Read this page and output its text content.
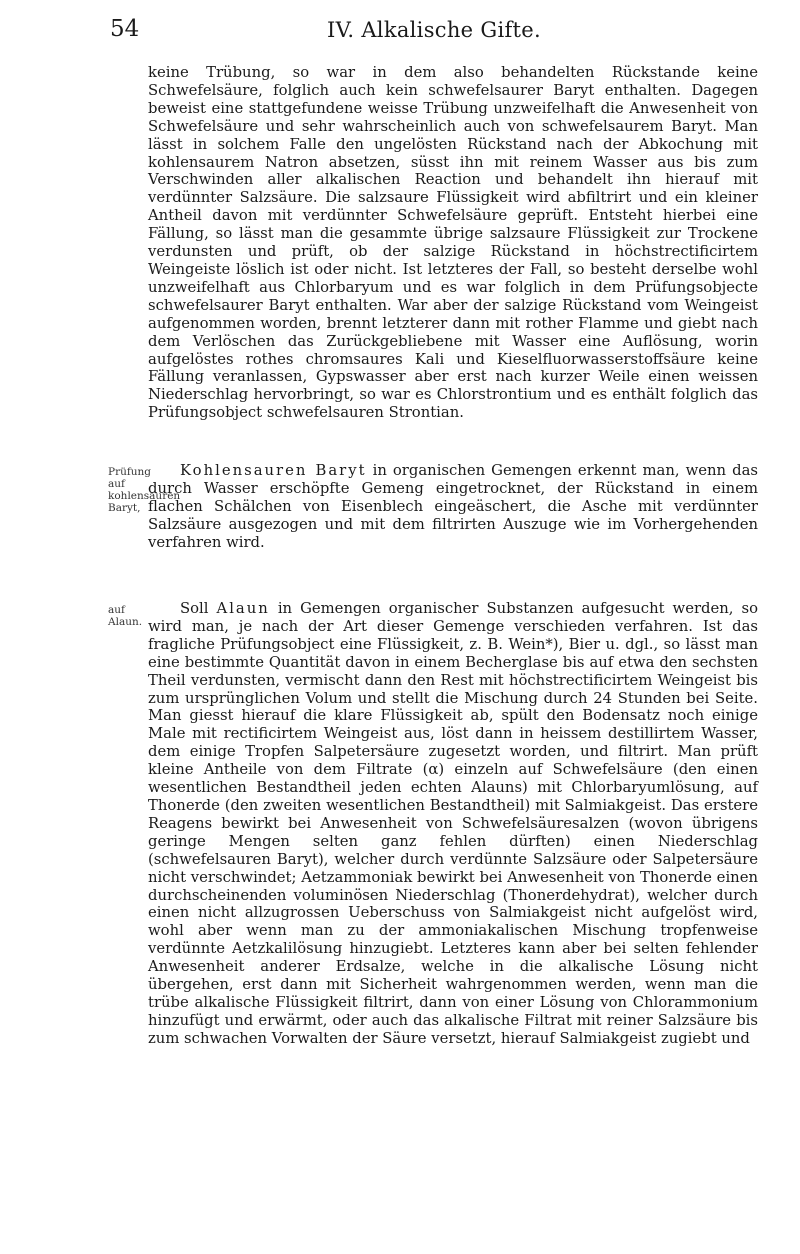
54	IV. Alkalische Gifte.

keine Trübung, so war in dem also behandelten Rückstande keine Schwefelsäure, folglich auch kein schwefelsaurer Baryt enthalten. Dagegen beweist eine stattgefundene weisse Trübung unzweifelhaft die Anwesenheit von Schwefelsäure und sehr wahrscheinlich auch von schwefelsaurem Baryt. Man lässt in solchem Falle den ungelösten Rückstand nach der Abkochung mit kohlensaurem Natron absetzen, süsst ihn mit reinem Wasser aus bis zum Verschwinden aller alkalischen Reaction und behandelt ihn hierauf mit verdünnter Salzsäure. Die salzsaure Flüssigkeit wird abfiltrirt und ein kleiner Antheil davon mit verdünnter Schwefelsäure geprüft. Entsteht hierbei eine Fällung, so lässt man die gesammte übrige salzsaure Flüssigkeit zur Trockene verdunsten und prüft, ob der salzige Rückstand in höchstrectificirtem Weingeiste löslich ist oder nicht. Ist letzteres der Fall, so besteht derselbe wohl unzweifelhaft aus Chlorbaryum und es war folglich in dem Prüfungsobjecte schwefelsaurer Baryt enthalten. War aber der salzige Rückstand vom Weingeist aufgenommen worden, brennt letzterer dann mit rother Flamme und giebt nach dem Verlöschen das Zurückgebliebene mit Wasser eine Auflösung, worin aufgelöstes rothes chromsaures Kali und Kieselfluorwasserstoffsäure keine Fällung veranlassen, Gypswasser aber erst nach kurzer Weile einen weissen Niederschlag hervorbringt, so war es Chlorstrontium und es enthält folglich das Prüfungsobject schwefelsauren Strontian.

Prüfung auf kohlensauren Baryt,

Kohlensauren Baryt in organischen Gemengen erkennt man, wenn das durch Wasser erschöpfte Gemeng eingetrocknet, der Rückstand in einem flachen Schälchen von Eisenblech eingeäschert, die Asche mit verdünnter Salzsäure ausgezogen und mit dem filtrirten Auszuge wie im Vorhergehenden verfahren wird.

auf Alaun.

Soll Alaun in Gemengen organischer Substanzen aufgesucht werden, so wird man, je nach der Art dieser Gemenge verschieden verfahren. Ist das fragliche Prüfungsobject eine Flüssigkeit, z. B. Wein*), Bier u. dgl., so lässt man eine bestimmte Quantität davon in einem Becherglase bis auf etwa den sechsten Theil verdunsten, vermischt dann den Rest mit höchstrectificirtem Weingeist bis zum ursprünglichen Volum und stellt die Mischung durch 24 Stunden bei Seite. Man giesst hierauf die klare Flüssigkeit ab, spült den Bodensatz noch einige Male mit rectificirtem Weingeist aus, löst dann in heissem destillirtem Wasser, dem einige Tropfen Salpetersäure zugesetzt worden, und filtrirt. Man prüft kleine Antheile von dem Filtrate (α) einzeln auf Schwefelsäure (den einen wesentlichen Bestandtheil jeden echten Alauns) mit Chlorbaryumlösung, auf Thonerde (den zweiten wesentlichen Bestandtheil) mit Salmiakgeist. Das erstere Reagens bewirkt bei Anwesenheit von Schwefelsäuresalzen (wovon übrigens geringe Mengen selten ganz fehlen dürften) einen Niederschlag (schwefelsauren Baryt), welcher durch verdünnte Salzsäure oder Salpetersäure nicht verschwindet; Aetzammoniak bewirkt bei Anwesenheit von Thonerde einen durchscheinenden voluminösen Niederschlag (Thonerdehydrat), welcher durch einen nicht allzugrossen Ueberschuss von Salmiakgeist nicht aufgelöst wird, wohl aber wenn man zu der ammoniakalischen Mischung tropfenweise verdünnte Aetzkalilösung hinzugiebt. Letzteres kann aber bei selten fehlender Anwesenheit anderer Erdsalze, welche in die alkalische Lösung nicht übergehen, erst dann mit Sicherheit wahrgenommen werden, wenn man die trübe alkalische Flüssigkeit filtrirt, dann von einer Lösung von Chlorammonium hinzufügt und erwärmt, oder auch das alkalische Filtrat mit reiner Salzsäure bis zum schwachen Vorwalten der Säure versetzt, hierauf Salmiakgeist zugiebt und
